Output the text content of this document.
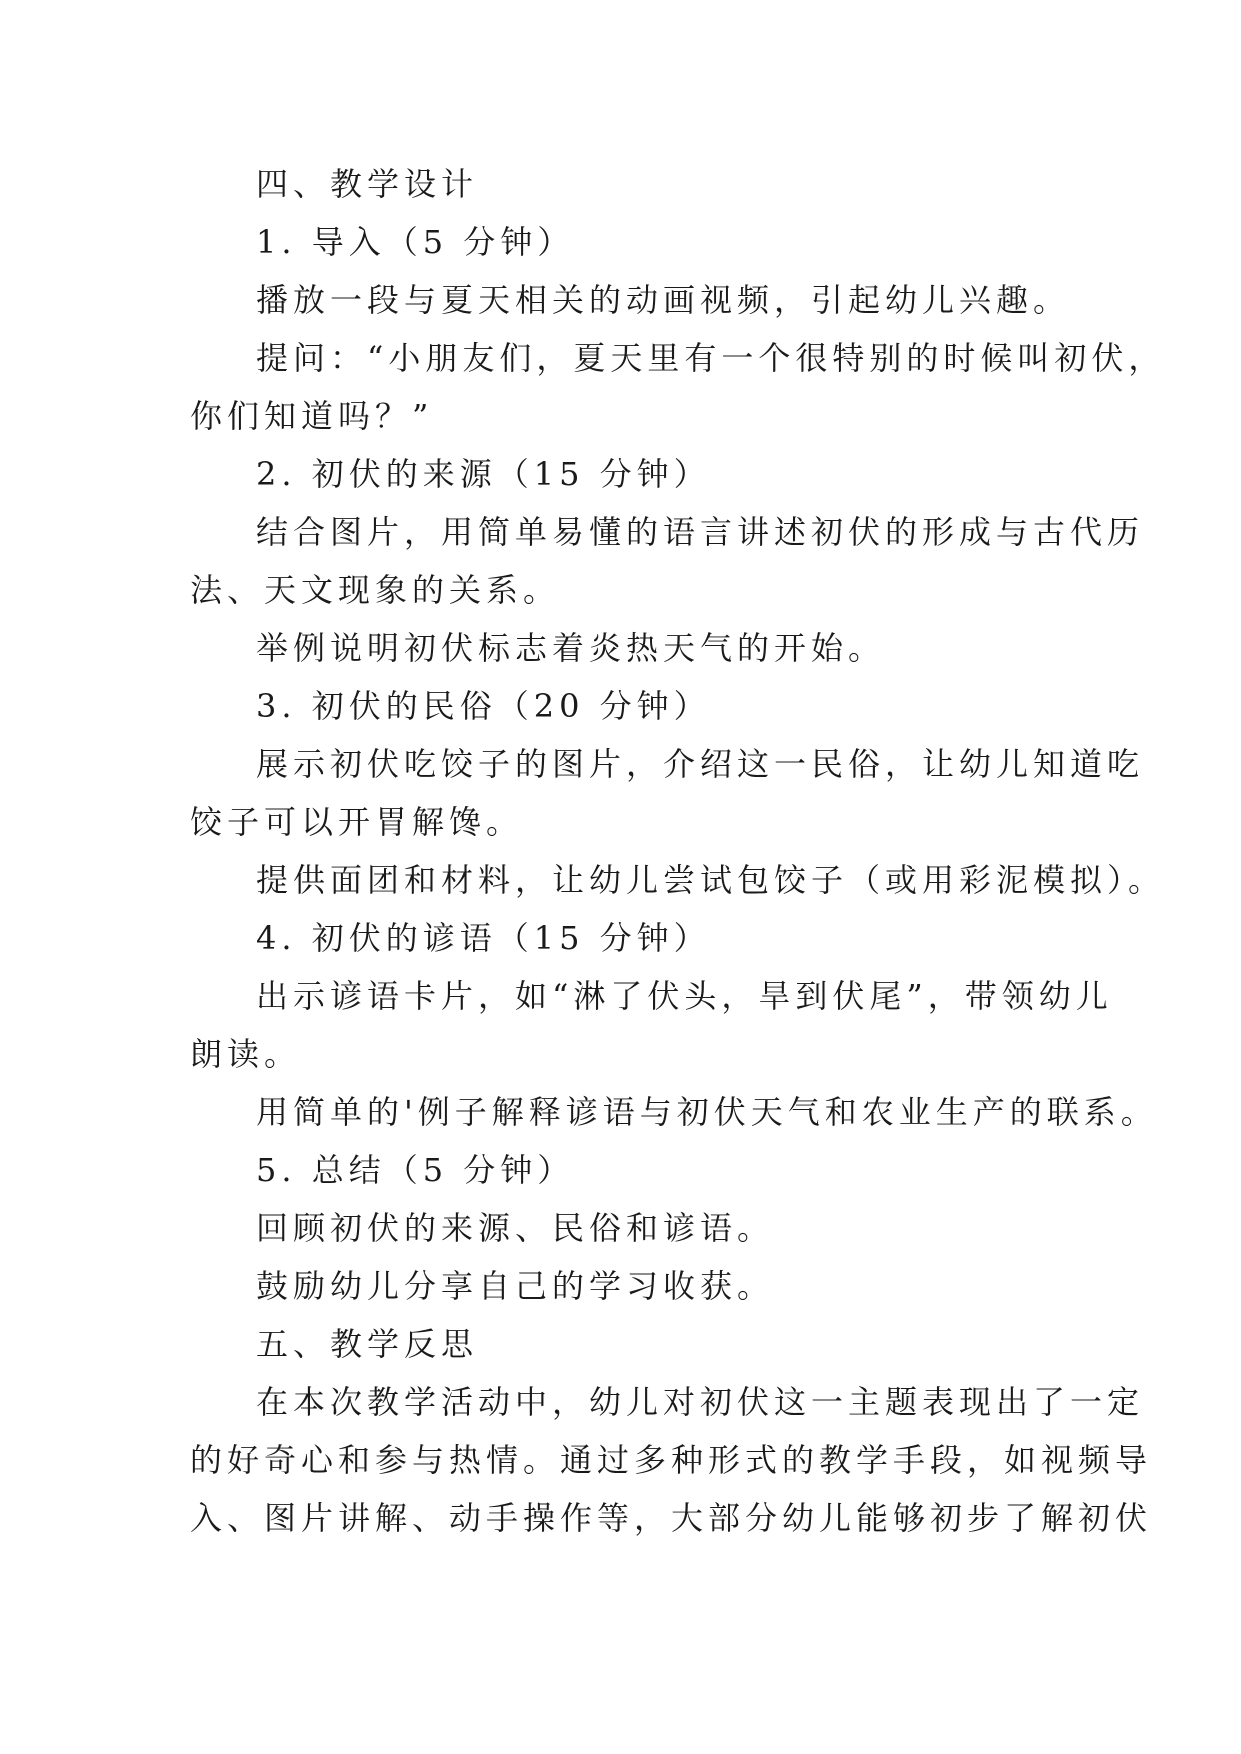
四、教学设计
1. 导入（5 分钟）
播放一段与夏天相关的动画视频，引起幼儿兴趣。
提问：“小朋友们，夏天里有一个很特别的时候叫初伏，
你们知道吗？”
2. 初伏的来源（15 分钟）
结合图片，用简单易懂的语言讲述初伏的形成与古代历
法、天文现象的关系。
举例说明初伏标志着炎热天气的开始。
3. 初伏的民俗（20 分钟）
展示初伏吃饺子的图片，介绍这一民俗，让幼儿知道吃
饺子可以开胃解馋。
提供面团和材料，让幼儿尝试包饺子（或用彩泥模拟）。
4. 初伏的谚语（15 分钟）
出示谚语卡片，如“淋了伏头，旱到伏尾”，带领幼儿
朗读。
用简单的'例子解释谚语与初伏天气和农业生产的联系。
5. 总结（5 分钟）
回顾初伏的来源、民俗和谚语。
鼓励幼儿分享自己的学习收获。
五、教学反思
在本次教学活动中，幼儿对初伏这一主题表现出了一定
的好奇心和参与热情。通过多种形式的教学手段，如视频导
入、图片讲解、动手操作等，大部分幼儿能够初步了解初伏
